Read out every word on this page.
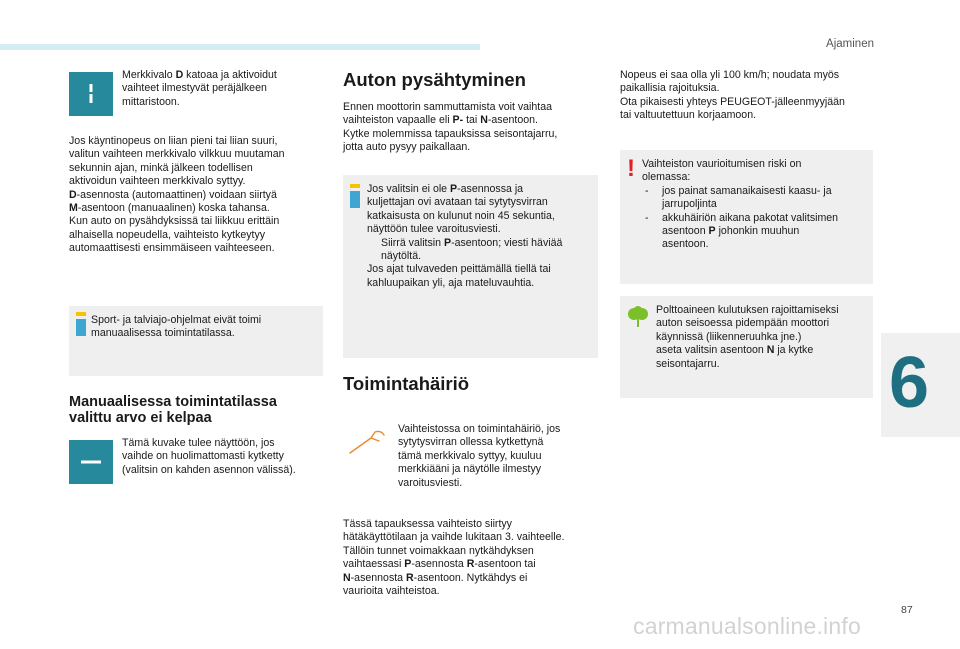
Ajaminen
Merkkivalo D katoaa ja aktivoidut
vaihteet ilmestyvät peräjälkeen
mittaristoon.
Jos käyntinopeus on liian pieni tai liian suuri,
valitun vaihteen merkkivalo vilkkuu muutaman
sekunnin ajan, minkä jälkeen todellisen
aktivoidun vaihteen merkkivalo syttyy.
D-asennosta (automaattinen) voidaan siirtyä
M-asentoon (manuaalinen) koska tahansa.
Kun auto on pysähdyksissä tai liikkuu erittäin
alhaisella nopeudella, vaihteisto kytkeytyy
automaattisesti ensimmäiseen vaihteeseen.
Sport- ja talviajo-ohjelmat eivät toimi
manuaalisessa toimintatilassa.
Manuaalisessa toimintatilassa
valittu arvo ei kelpaa
Tämä kuvake tulee näyttöön, jos
vaihde on huolimattomasti kytketty
(valitsin on kahden asennon välissä).
Auton pysähtyminen
Ennen moottorin sammuttamista voit vaihtaa
vaihteiston vapaalle eli P- tai N-asentoon.
Kytke molemmissa tapauksissa seisontajarru,
jotta auto pysyy paikallaan.
Jos valitsin ei ole P-asennossa ja
kuljettajan ovi avataan tai sytytysvirran
katkaisusta on kulunut noin 45 sekuntia,
näyttöön tulee varoitusviesti.
Siirrä valitsin P-asentoon; viesti häviää
näytöltä.
Jos ajat tulvaveden peittämällä tiellä tai
kahluupaikan yli, aja mateluvauhtia.
Toimintahäiriö
Vaihteistossa on toimintahäiriö, jos
sytytysvirran ollessa kytkettynä
tämä merkkivalo syttyy, kuuluu
merkkiääni ja näytölle ilmestyy
varoitusviesti.
Tässä tapauksessa vaihteisto siirtyy
hätäkäyttötilaan ja vaihde lukitaan 3. vaihteelle.
Tällöin tunnet voimakkaan nytkähdyksen
vaihtaessasi P-asennosta R-asentoon tai
N-asennosta R-asentoon. Nytkähdys ei
vaurioita vaihteistoa.
Nopeus ei saa olla yli 100 km/h; noudata myös
paikallisia rajoituksia.
Ota pikaisesti yhteys PEUGEOT-jälleenmyyjään
tai valtuutettuun korjaamoon.
! Vaihteiston vaurioitumisen riski on
olemassa:
- jos painat samanaikaisesti kaasu- ja
jarrupoljinta
- akkuhäiriön aikana pakotat valitsimen
asentoon P johonkin muuhun
asentoon.
Polttoaineen kulutuksen rajoittamiseksi
auton seisoessa pidempään moottori
käynnissä (liikenneruuhka jne.)
aseta valitsin asentoon N ja kytke
seisontajarru.	6
87
carmanualsonline.info
